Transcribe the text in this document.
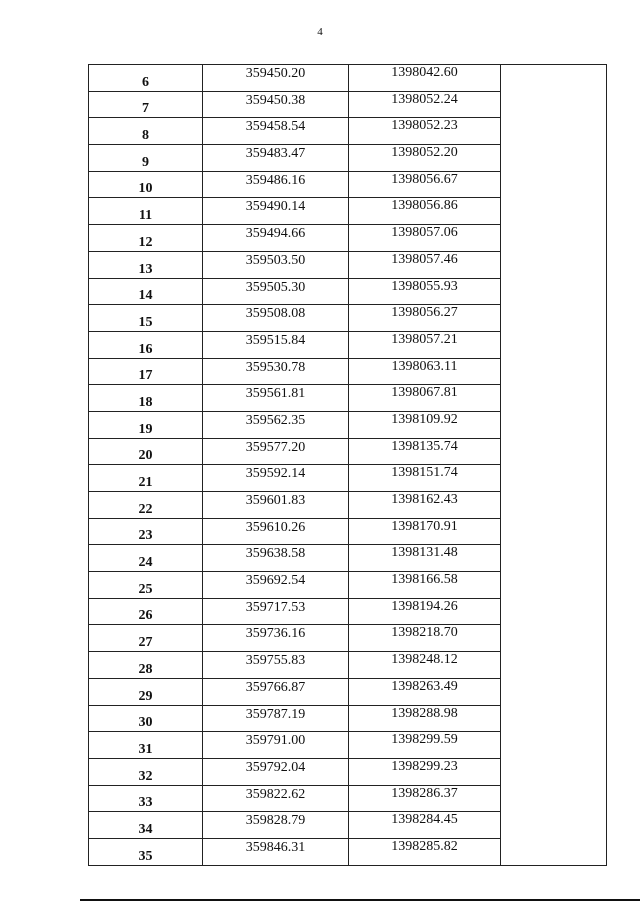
4
6	359450.20	1398042.60	
7	359450.38	1398052.24	
8	359458.54	1398052.23	
9	359483.47	1398052.20	
10	359486.16	1398056.67	
11	359490.14	1398056.86	
12	359494.66	1398057.06	
13	359503.50	1398057.46	
14	359505.30	1398055.93	
15	359508.08	1398056.27	
16	359515.84	1398057.21	
17	359530.78	1398063.11	
18	359561.81	1398067.81	
19	359562.35	1398109.92	
20	359577.20	1398135.74	
21	359592.14	1398151.74	
22	359601.83	1398162.43	
23	359610.26	1398170.91	
24	359638.58	1398131.48	
25	359692.54	1398166.58	
26	359717.53	1398194.26	
27	359736.16	1398218.70	
28	359755.83	1398248.12	
29	359766.87	1398263.49	
30	359787.19	1398288.98	
31	359791.00	1398299.59	
32	359792.04	1398299.23	
33	359822.62	1398286.37	
34	359828.79	1398284.45	
35	359846.31	1398285.82	
